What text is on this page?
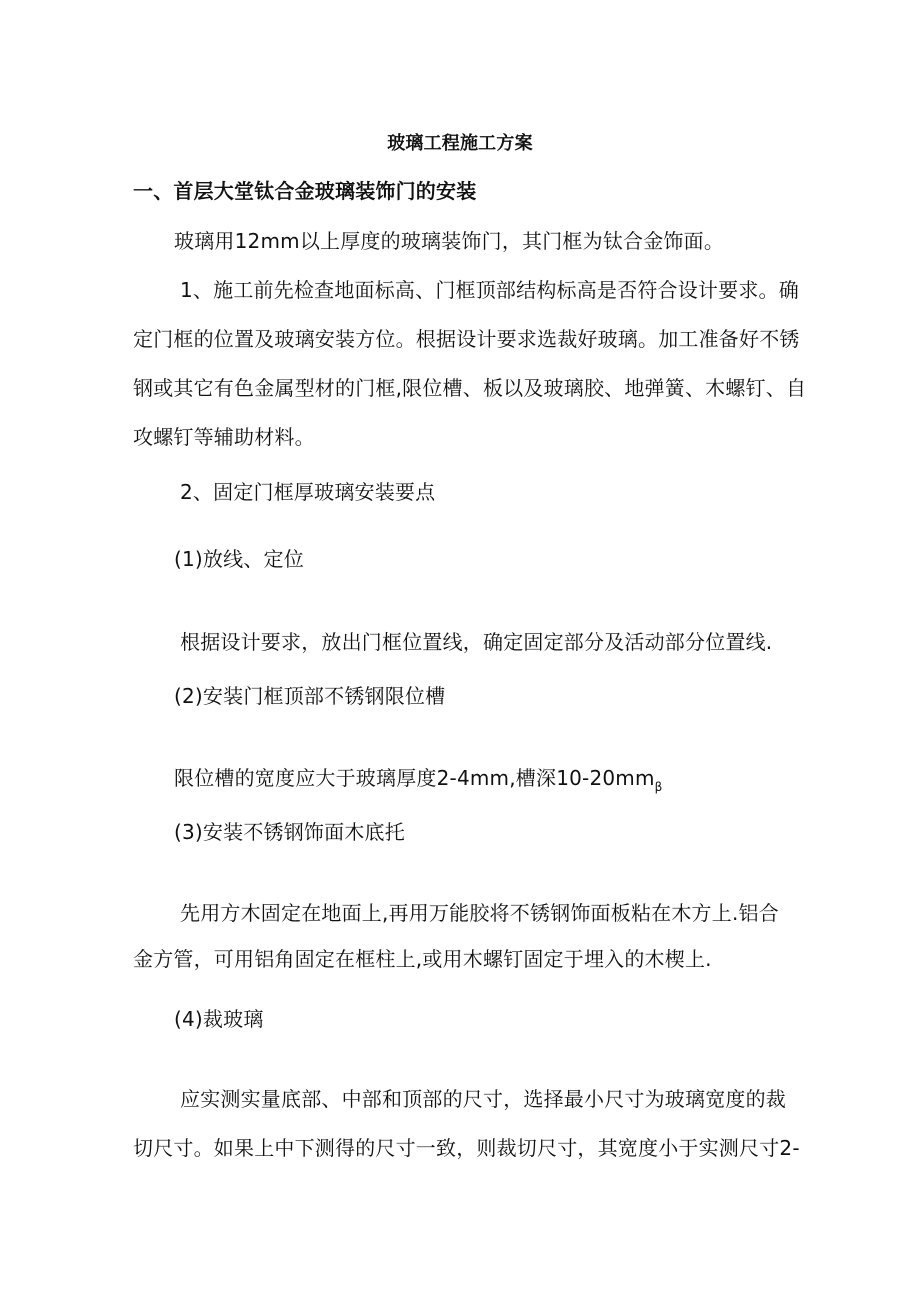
玻璃工程施工方案
一、首层大堂钛合金玻璃装饰门的安装
玻璃用12mm以上厚度的玻璃装饰门，其门框为钛合金饰面。
1、施工前先检查地面标高、门框顶部结构标高是否符合设计要求。确
定门框的位置及玻璃安装方位。根据设计要求选裁好玻璃。加工准备好不锈
钢或其它有色金属型材的门框,限位槽、板以及玻璃胶、地弹簧、木螺钉、自
攻螺钉等辅助材料。
2、固定门框厚玻璃安装要点
(1)放线、定位
根据设计要求，放出门框位置线，确定固定部分及活动部分位置线.
(2)安装门框顶部不锈钢限位槽
限位槽的宽度应大于玻璃厚度2-4mm,槽深$10-20mm_\beta$
(3)安装不锈钢饰面木底托
先用方木固定在地面上,再用万能胶将不锈钢饰面板粘在木方上.铝合
金方管，可用铝角固定在框柱上,或用木螺钉固定于埋入的木楔上.
(4)裁玻璃
应实测实量底部、中部和顶部的尺寸，选择最小尺寸为玻璃宽度的裁
切尺寸。如果上中下测得的尺寸一致，则裁切尺寸，其宽度小于实测尺寸2-
